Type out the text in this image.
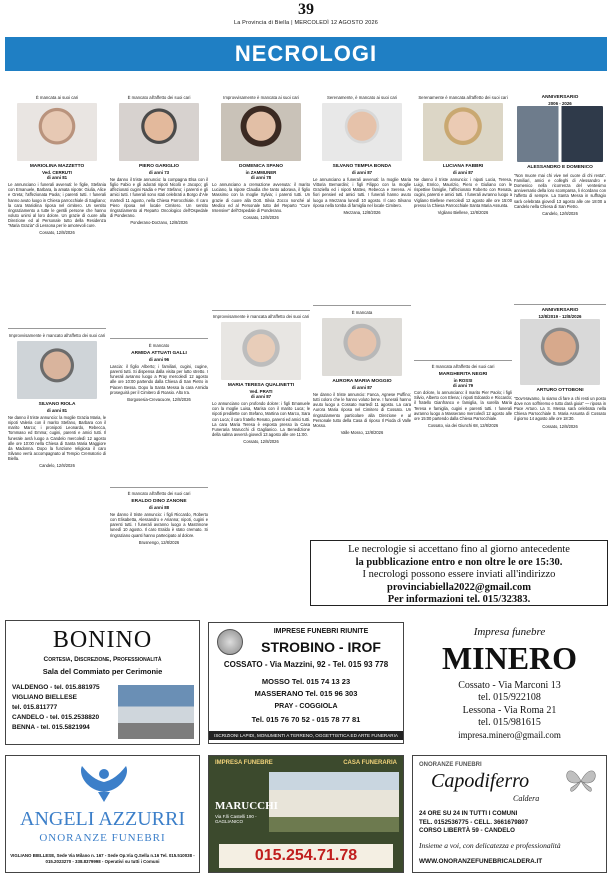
39
La Provincia di Biella | MERCOLEDÌ 12 AGOSTO 2026
NECROLOGI
È mancata ai suoi cari
MARIOLINA MAZZETTO
Ved. CERRUTI
di anni 81
Le annunciano i funerali avvenuti: le figlie, Stefania con Emanuele, Barbara, la amata nipote: Giulia, Alice e Greta; l'affezionata Paola; i parenti tutti. I funerali hanno avuto luogo in Chiesa parrocchiale di Sagliano; la cara Mariolina riposa nel cimitero. Un sentito ringraziamento a tutte le gentili persone che hanno voluto unirsi al loro dolore. Un grazie di cuore alla Direzione ed al Personale tutto della Residenza "Maria Grazia" di Lessona per le amorevoli cure.
Cossato, 12/8/2026
Improvvisamente è mancato all'affetto dei suoi cari
SILVANO RIOLA
di anni 81
Ne danno il triste annuncio: la moglie Grazia Maria, le nipoti Valeria con il marito Stefano, Barbara con il marito Marco; i pronipoti Leonardo, Rebecca, Tommaso ed Emma; cugini, parenti e amici tutti. Il funerale avrà luogo a Candelo mercoledì 12 agosto alle ore 10:00 nella Chiesa di Santa Maria Maggiore da Madonna. Dopo la funzione religiosa il caro Silvano verrà accompagnato al Tempio Crematorio di Biella.
Candelo, 12/8/2026
È mancato all'affetto dei suoi cari
PIERO GARIGLIO
di anni 73
Ne danno il triste annuncio: la compagna Elsa con il figlio Fabio e gli adorati nipoti Nicolò e Jacopo; gli affezionati cugini Nadia e Pier Stefano; i parenti e gli amici tutti. I funerali sono stati celebrati a Borgo d'Ale martedì 11 agosto, nella Chiesa Parrocchiale. Il caro Piero riposa nel locale Cimitero. Un sentito ringraziamento al Reparto Oncologico dell'Ospedale di Ponderano.
Ponderano-Dorzano, 12/8/2026
È mancato
ARMIDA ATTUATI GALLI
di anni 96
Lascia: il figlio Alberto; i familiari, cugini, cugine, parenti tutti. Si dispensa dalla visita per lutto stretto. I funerali avranno luogo a Pray mercoledì 12 agosto alle ore 10:00 partendo dalla Chiesa di San Pietro in Piacen Bessa. Dopo la Santa Messa la cara Armida proseguirà per il Cimitero di Roasio. Alto Ira.
Borgosesia-Crevacuore, 12/8/2026
È mancato all'affetto dei suoi cari
ERALDO DINO ZANONE
di anni 88
Ne danno il triste annuncio: i figli Riccardo, Roberto con Elisabetta, Alessandro e Arianna; nipoti, cugini e parenti tutti. I funerali avranno luogo a Mastrinone lunedì 10 agosto. Il caro Eraldo è stato cremato. Si ringraziano quanti hanno partecipato al dolore.
Brusnengo, 12/8/2026
Improvvisamente è mancata ai suoi cari
DOMENICA SPANO
in ZAMMUNER
di anni 78
Lo annunciano a cremazione avvenuta: il marito Luciano, la nipote Claudia che tanto adorava, il figlio Massimo con la moglie Sylvia; i parenti tutti. Un grazie di cuore alla Dott. Silvia Zocco nonché al Medico ed al Personale tutto del Reparto "Cure Intensive" dell'Ospedale di Ponderano.
Cossato, 12/8/2026
Improvvisamente è mancata all'affetto dei suoi cari
MARIA TERESA QUALINETTI
Ved. PRATI
di anni 87
Lo annunciano con profondo dolore: i figli Emanuele con la moglie Luisa, Marisa con il marito Luca; le nipoti predilette con Stefano, Martina con Marco, Sara con Luca; il caro fratello Renato, parenti ed amici tutti. La cara Maria Teresa è esposta presso la Casa Funeraria Marucchi di Gaglianico. La Benedizione della salma avverrà giovedì 13 agosto alle ore 11:00.
Cossato, 12/8/2026
Serenamente, è mancato ai suoi cari
SILVANO TEMPIA BONDA
di anni 87
Le annunciano a funerali avvenuti: la moglie Maria Vittoria Bernardini; i figli Filippo con la moglie Graziella ed i nipoti Matteo, Rebecca e Serena. Ai fiori pensieri ed amici tutti. I funerali hanno avuto luogo a Mezzana lunedì 10 agosto. Il caro Silvano riposa nella tomba di famiglia nel locale Cimitero.
Mezzana, 12/8/2026
È mancata
AURORA MARIA MOGGIO
di anni 87
Ne danno il triste annuncio: Fanca, Agnese Puffino; tutti coloro che le hanno voluto bene. I funerali hanno avuto luogo a Cossato martedì 11 agosto. La cara Aurora Maria riposa nel Cimitero di Cossato. Un ringraziamento particolare alla Direzione e al Personale tutto della Casa di riposo Il Pioda di Valle Mosso.
Valle Mosso, 12/8/2026
Serenamente è mancata all'affetto dei suoi cari
LUCIANA FABBRI
di anni 87
Ne danno il triste annuncio: i nipoti Lucia, Teresa, Luigi, Enrico, Maurizio, Piero e Giuliano con le rispettive famiglie, l'affezionato Roberto con Renata, cugini, parenti e amici tutti. I funerali avranno luogo a Vigliano Biellese mercoledì 12 agosto alle ore 15:00 presso la Chiesa Parrocchiale Santa Maria Assunta.
Vigliano Biellese, 12/8/2026
È mancata all'affetto dei suoi cari
MARGHERITA NEGRI
in ROSSI
di anni 79
Con dolore, lo annunciano: il marito Pier Paolo; i figli Silvio, Alberto con Elena; i nipoti Edoardo e Riccardo; il fratello Gianfranco e famiglia, la sorella Maria Teresa e famiglia, cugini e parenti tutti. I funerali avranno luogo a Masserano mercoledì 12 agosto alle ore 15:00 partendo dalla Chiesa Parrocchiale.
Cossato, via dei Giunchi 68, 12/8/2026
ANNIVERSARIO
2006 - 2026
ALESSANDRO E DOMENICO
"Non muore mai chi vive nel cuore di chi resta". Familiari, amici e colleghi di Alessandro e Domenico nella ricorrenza del ventesimo anniversario della loro scomparsa, li ricordano con l'affetto di sempre. La Santa Messa in suffragio sarà celebrata giovedì 13 agosto alle ore 18:00 a Candelo nella Chiesa di San Pietro.
Candelo, 12/8/2026
ANNIVERSARIO
12/8/2019 - 12/8/2026
ARTURO OTTOBONI
"Dov'eravamo, lo siamo di fare a chi resti un posto dove non soffriremo e tutto darà gioia" — riposa in Pace Arturo. La S. Messa sarà celebrata nella Chiesa Parrocchiale S. Maria Assunta di Cossato il giorno 14 agosto alle ore 18:30.
Cossato, 12/8/2026
Le necrologie si accettano fino al giorno antecedente
la pubblicazione entro e non oltre le ore 15:30.
I necrologi possono essere inviati all'indirizzo
provinciabiella2022@gmail.com
Per informazioni tel. 015/32383.
BONINO
Cortesia, Discrezione, Professionalità
Sala del Commiato per Cerimonie
VALDENGO - tel. 015.881975
VIGLIANO BIELLESE
tel. 015.811777
CANDELO - tel. 015.2538820
BENNA - tel. 015.5821994
IMPRESE FUNEBRI RIUNITE
STROBINO - IROF
COSSATO - Via Mazzini, 92 - Tel. 015 93 778
MOSSO Tel. 015 74 13 23
MASSERANO Tel. 015 96 303
PRAY - COGGIOLA
Tel. 015 76 70 52 - 015 78 77 81
ISCRIZIONI LAPIDI, MONUMENTI A TERRENO, OGGETTISTICA ED ARTE FUNERARIA
Impresa funebre
MINERO
Cossato - Via Marconi 13
tel. 015/922108
Lessona - Via Roma 21
tel. 015/981615
impresa.minero@gmail.com
ANGELI AZZURRI
ONORANZE FUNEBRI
VIGLIANO BIELLESE, Sede Via Milano n. 167 - Sede Op.Via Q.Sella n.16 Tel. 015.510038 - 015.2023270 - 338.8379998 - Operativi su tutti i Comuni
IMPRESA FUNEBRE	CASA FUNERARIA
MARUCCHI
Via F.lli Castelli 190 - GAGLIANICO
015.254.71.78
ONORANZE FUNEBRI
Capodiferro
Caldera
24 ORE SU 24 IN TUTTI I COMUNI
TEL. 0152536775 - CELL. 3661679807
CORSO LIBERTÀ 59 - CANDELO
Insieme a voi, con delicatezza e professionalità
WWW.ONORANZEFUNEBRICALDERA.IT
